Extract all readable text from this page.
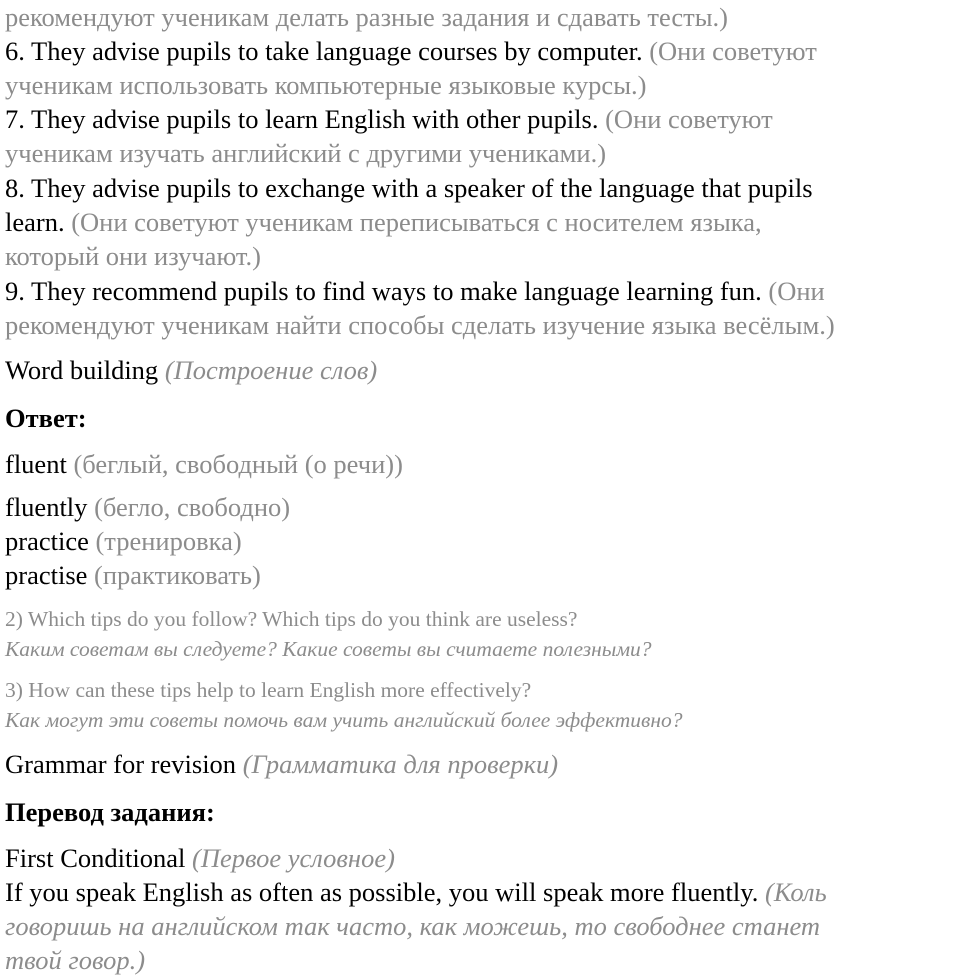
рекомендуют ученикам делать разные задания и сдавать тесты.)
6. They advise pupils to take language courses by computer. (Они советуют
ученикам использовать компьютерные языковые курсы.)
7. They advise pupils to learn English with other pupils. (Они советуют
ученикам изучать английский с другими учениками.)
8. They advise pupils to exchange with a speaker of the language that pupils
learn. (Они советуют ученикам переписываться с носителем языка,
который они изучают.)
9. They recommend pupils to find ways to make language learning fun. (Они
рекомендуют ученикам найти способы сделать изучение языка весёлым.)
Word building (Построение слов)
Ответ:
fluent (беглый, свободный (о речи))
fluently (бегло, свободно)
practice (тренировка)
practise (практиковать)
2) Which tips do you follow? Which tips do you think are useless?
Каким советам вы следуете? Какие советы вы считаете полезными?
3) How can these tips help to learn English more effectively?
Как могут эти советы помочь вам учить английский более эффективно?
Grammar for revision (Грамматика для проверки)
Перевод задания:
First Conditional (Первое условное)
If you speak English as often as possible, you will speak more fluently. (Коль
говоришь на английском так часто, как можешь, то свободнее станет
твой говор.)
